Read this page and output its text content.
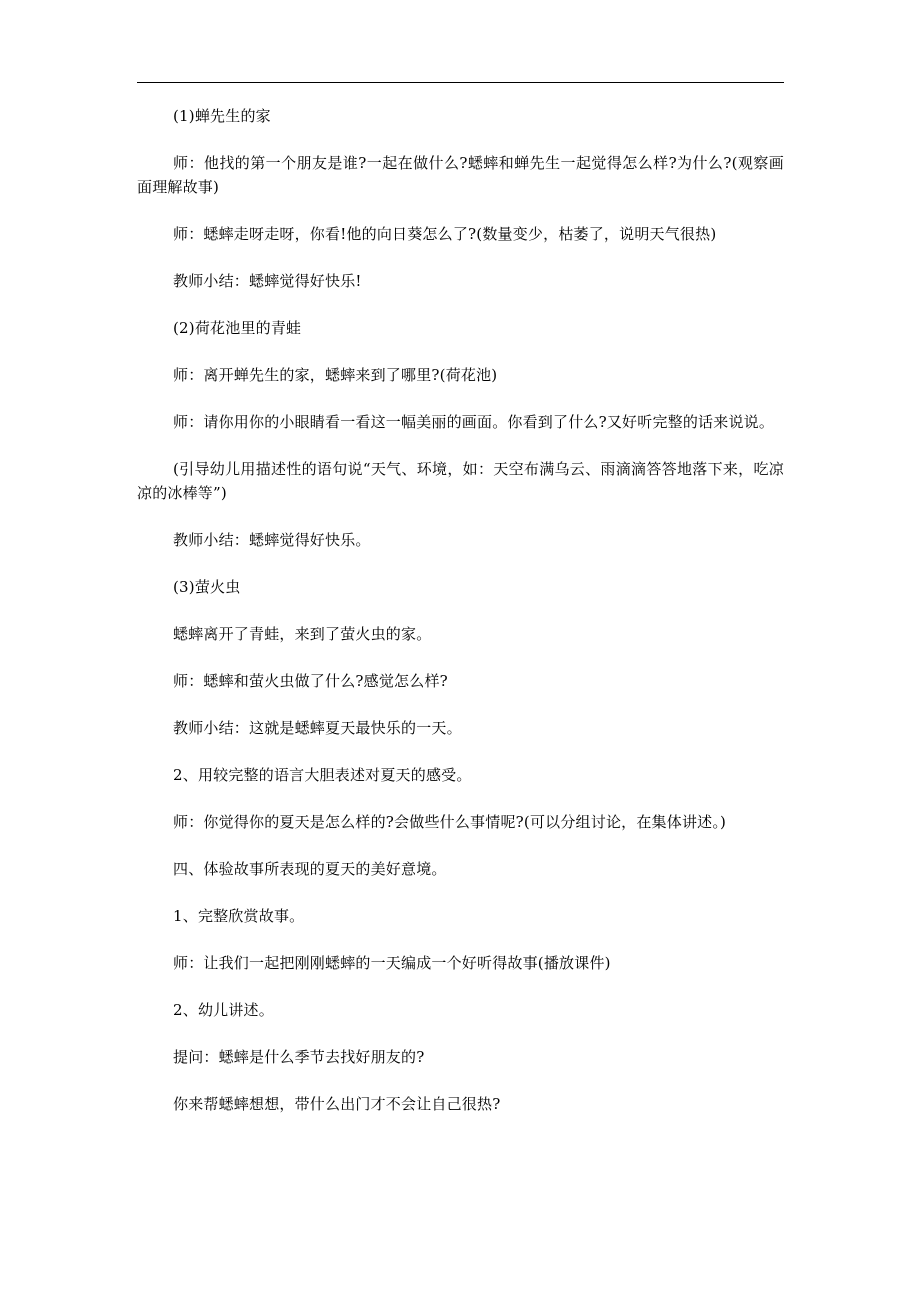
(1)蝉先生的家

师：他找的第一个朋友是谁?一起在做什么?蟋蟀和蝉先生一起觉得怎么样?为什么?(观察画面理解故事)

师：蟋蟀走呀走呀，你看!他的向日葵怎么了?(数量变少，枯萎了，说明天气很热)

教师小结：蟋蟀觉得好快乐!

(2)荷花池里的青蛙

师：离开蝉先生的家，蟋蟀来到了哪里?(荷花池)

师：请你用你的小眼睛看一看这一幅美丽的画面。你看到了什么?又好听完整的话来说说。

(引导幼儿用描述性的语句说“天气、环境，如：天空布满乌云、雨滴滴答答地落下来，吃凉凉的冰棒等”)

教师小结：蟋蟀觉得好快乐。

(3)萤火虫

蟋蟀离开了青蛙，来到了萤火虫的家。

师：蟋蟀和萤火虫做了什么?感觉怎么样?

教师小结：这就是蟋蟀夏天最快乐的一天。

2、用较完整的语言大胆表述对夏天的感受。

师：你觉得你的夏天是怎么样的?会做些什么事情呢?(可以分组讨论，在集体讲述。)

四、体验故事所表现的夏天的美好意境。

1、完整欣赏故事。

师：让我们一起把刚刚蟋蟀的一天编成一个好听得故事(播放课件)

2、幼儿讲述。

提问：蟋蟀是什么季节去找好朋友的?

你来帮蟋蟀想想，带什么出门才不会让自己很热?
